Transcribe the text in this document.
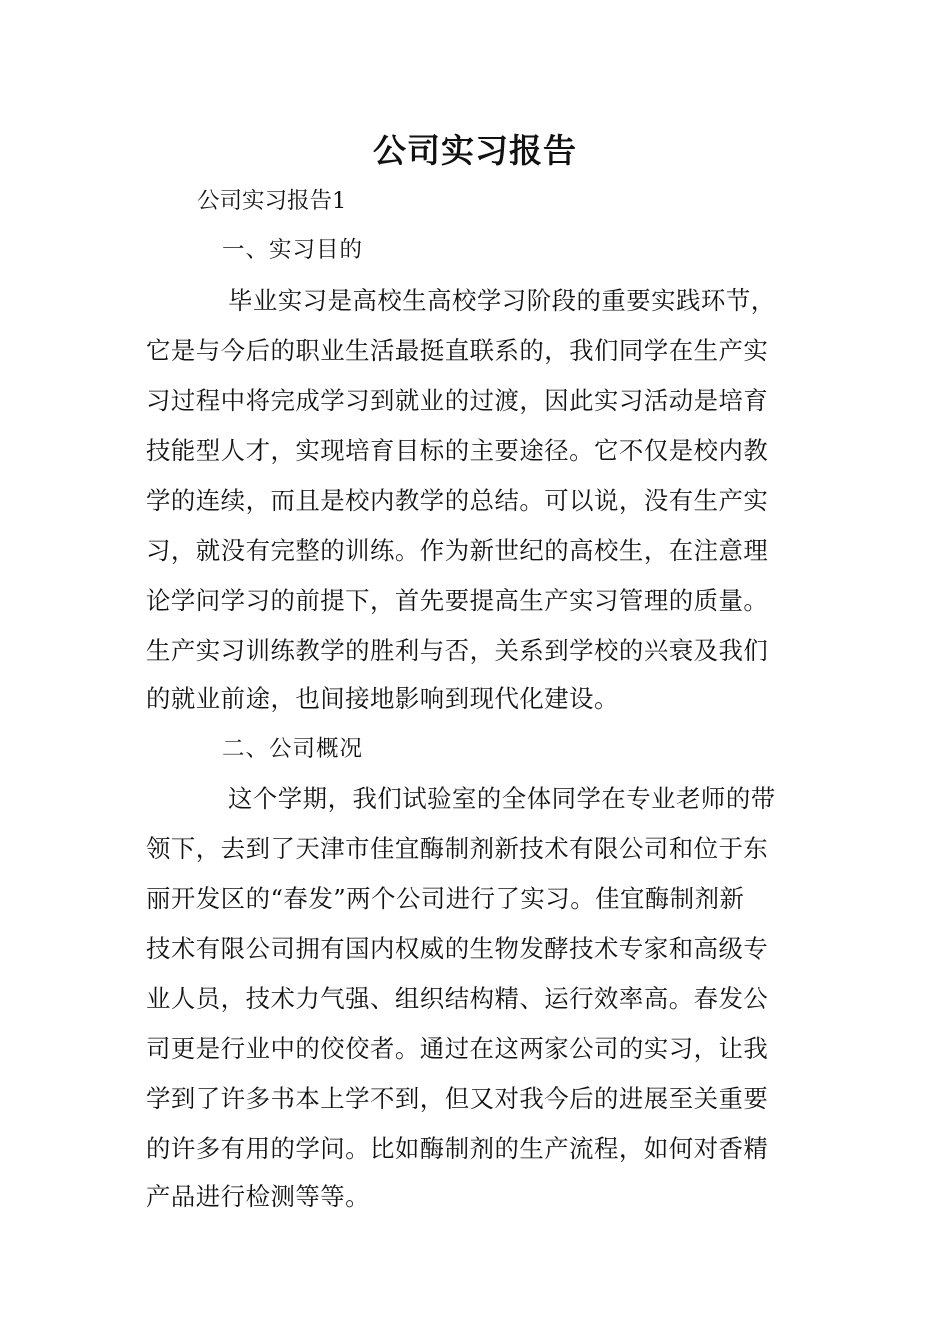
公司实习报告
公司实习报告1
一、实习目的
毕业实习是高校生高校学习阶段的重要实践环节，
它是与今后的职业生活最挺直联系的，我们同学在生产实
习过程中将完成学习到就业的过渡，因此实习活动是培育
技能型人才，实现培育目标的主要途径。它不仅是校内教
学的连续，而且是校内教学的总结。可以说，没有生产实
习，就没有完整的训练。作为新世纪的高校生，在注意理
论学问学习的前提下，首先要提高生产实习管理的质量。
生产实习训练教学的胜利与否，关系到学校的兴衰及我们
的就业前途，也间接地影响到现代化建设。
二、公司概况
这个学期，我们试验室的全体同学在专业老师的带
领下，去到了天津市佳宜酶制剂新技术有限公司和位于东
丽开发区的“春发”两个公司进行了实习。佳宜酶制剂新
技术有限公司拥有国内权威的生物发酵技术专家和高级专
业人员，技术力气强、组织结构精、运行效率高。春发公
司更是行业中的佼佼者。通过在这两家公司的实习，让我
学到了许多书本上学不到，但又对我今后的进展至关重要
的许多有用的学问。比如酶制剂的生产流程，如何对香精
产品进行检测等等。
